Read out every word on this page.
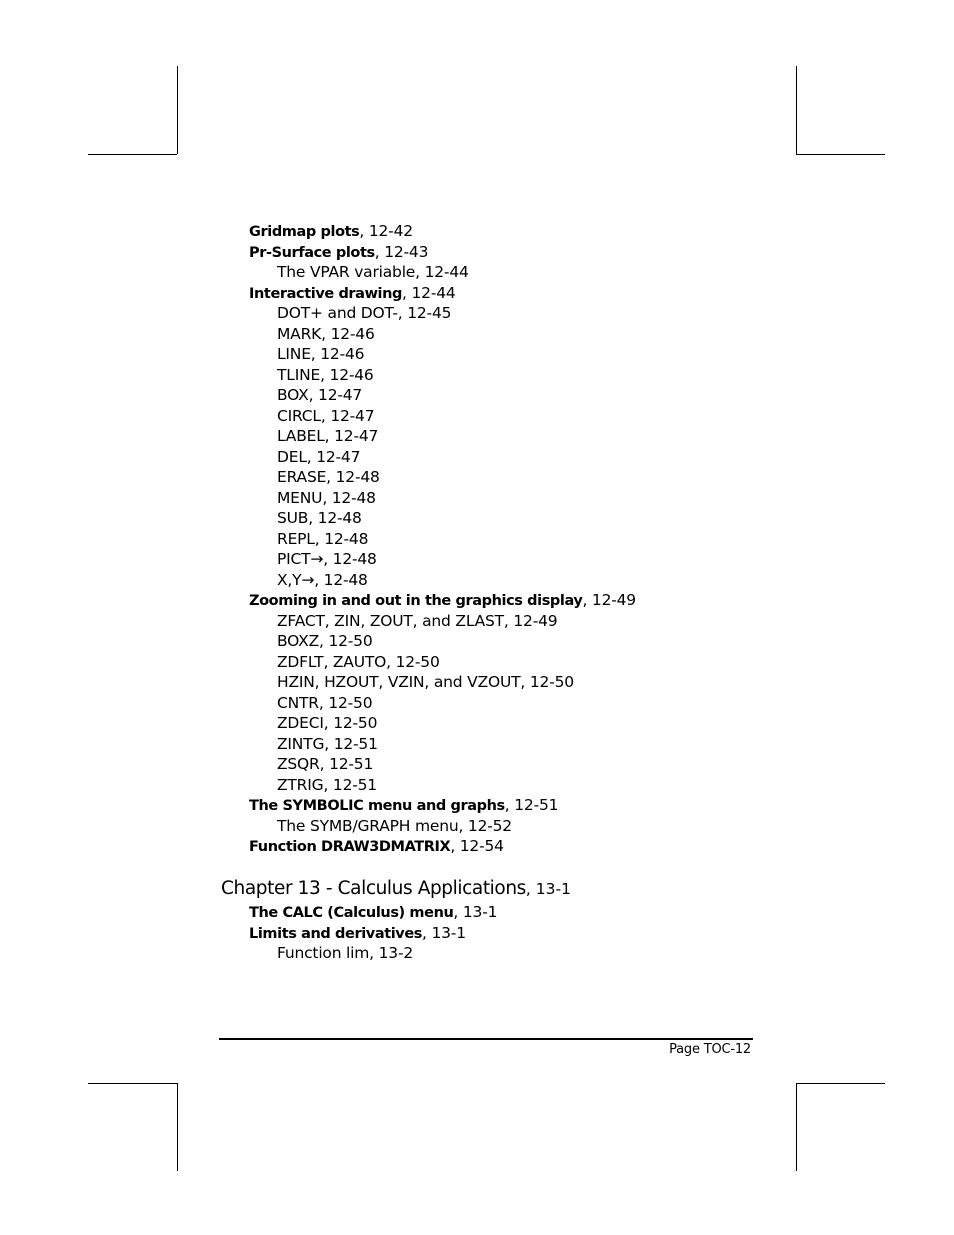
Gridmap plots, 12-42
Pr-Surface plots, 12-43
The VPAR variable, 12-44
Interactive drawing, 12-44
DOT+ and DOT-, 12-45
MARK, 12-46
LINE, 12-46
TLINE, 12-46
BOX, 12-47
CIRCL, 12-47
LABEL, 12-47
DEL, 12-47
ERASE, 12-48
MENU, 12-48
SUB, 12-48
REPL, 12-48
PICT→, 12-48
X,Y→, 12-48
Zooming in and out in the graphics display, 12-49
ZFACT, ZIN, ZOUT, and ZLAST, 12-49
BOXZ, 12-50
ZDFLT, ZAUTO, 12-50
HZIN, HZOUT, VZIN, and VZOUT, 12-50
CNTR, 12-50
ZDECI, 12-50
ZINTG, 12-51
ZSQR, 12-51
ZTRIG, 12-51
The SYMBOLIC menu and graphs, 12-51
The SYMB/GRAPH menu, 12-52
Function DRAW3DMATRIX, 12-54
Chapter 13 - Calculus Applications, 13-1
The CALC (Calculus) menu, 13-1
Limits and derivatives, 13-1
Function lim, 13-2
Page TOC-12
